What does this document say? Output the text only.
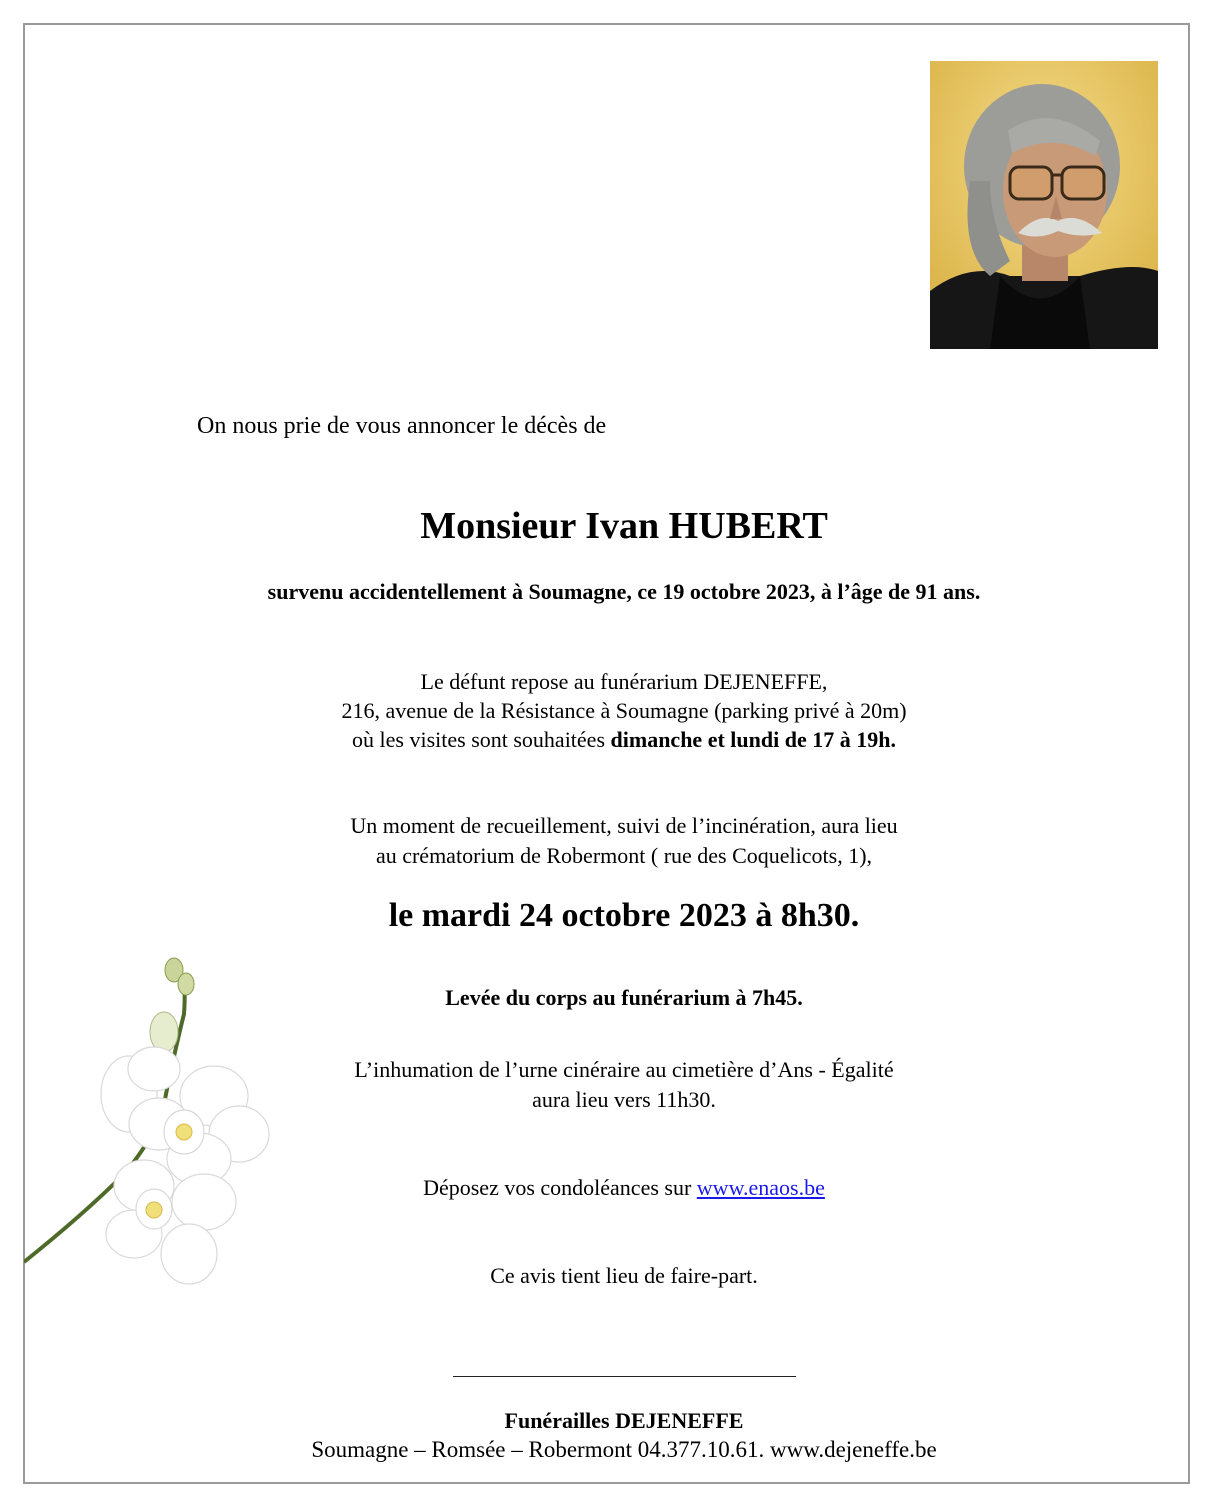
On nous prie de vous annoncer le décès de
Monsieur Ivan HUBERT
survenu accidentellement à Soumagne, ce 19 octobre 2023, à l’âge de 91 ans.
Le défunt repose au funérarium DEJENEFFE,
216, avenue de la Résistance à Soumagne (parking privé à 20m)
où les visites sont souhaitées dimanche et lundi de 17 à 19h.
Un moment de recueillement, suivi de l’incinération, aura lieu
au crématorium de Robermont ( rue des Coquelicots, 1),
le mardi 24 octobre 2023 à 8h30.
Levée du corps au funérarium à 7h45.
L’inhumation de l’urne cinéraire au cimetière d’Ans - Égalité
aura lieu vers 11h30.
Déposez vos condoléances sur www.enaos.be
Ce avis tient lieu de faire-part.
Funérailles DEJENEFFE
Soumagne – Romsée – Robermont 04.377.10.61. www.dejeneffe.be
